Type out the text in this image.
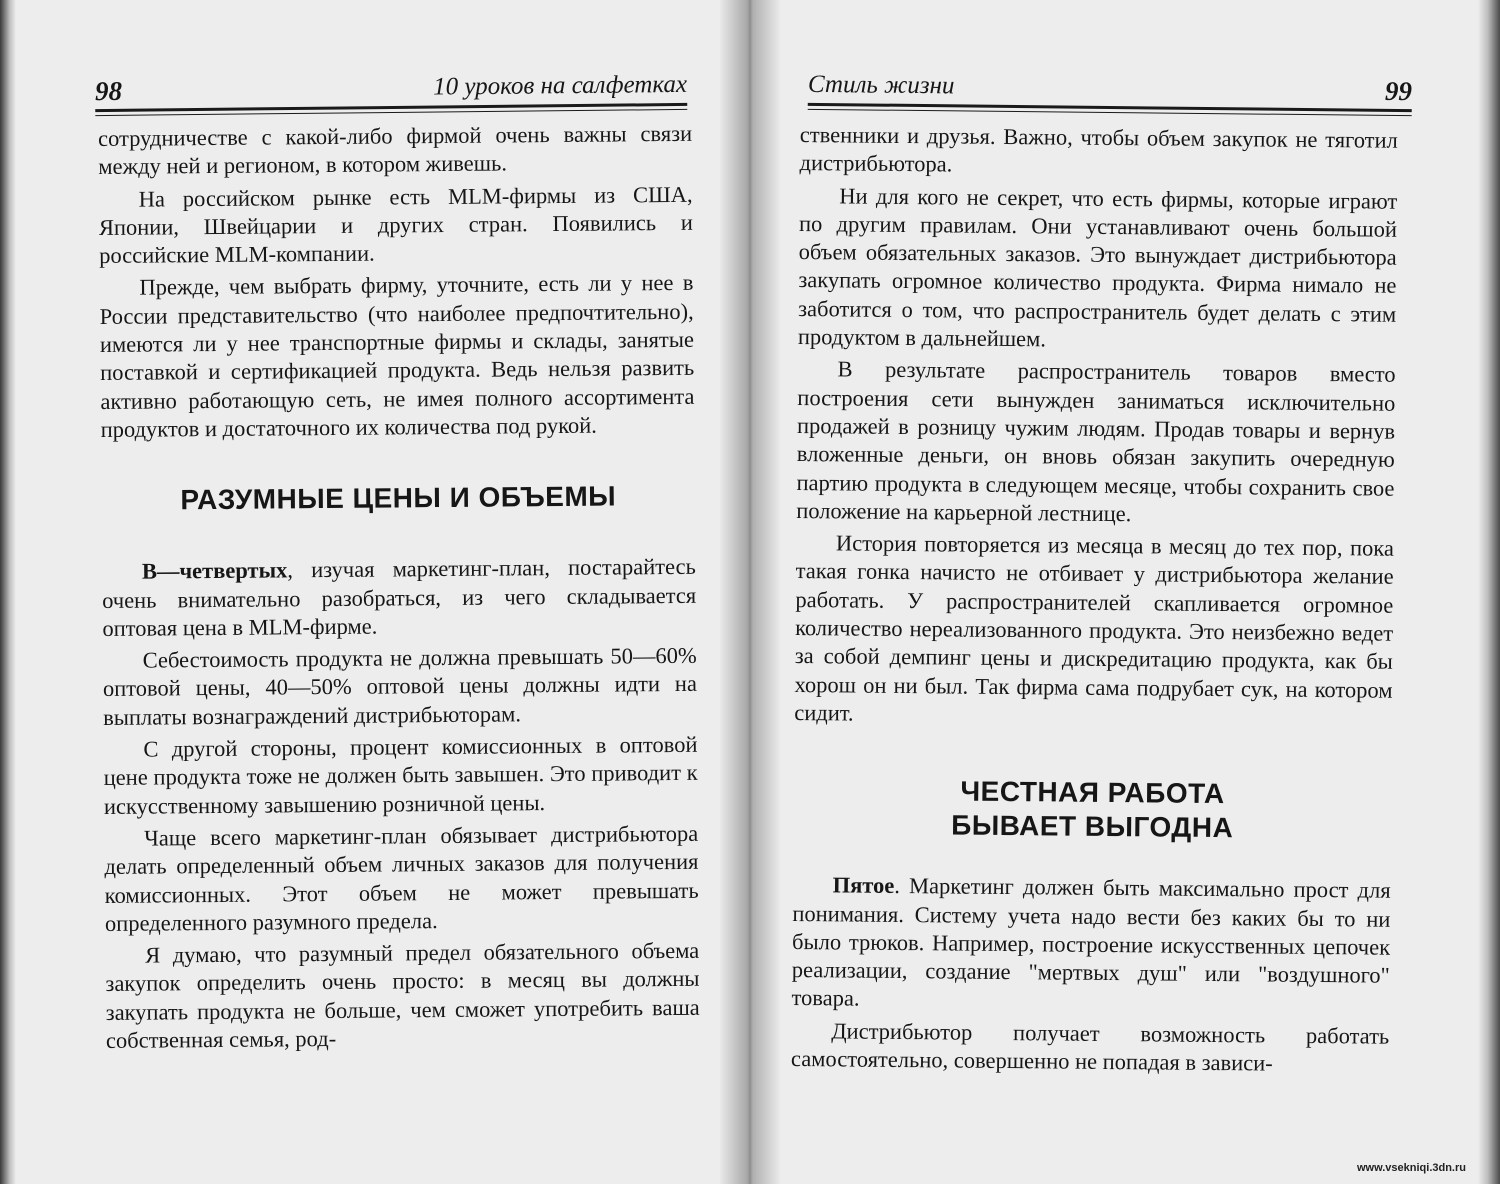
98	10 уроков на салфетках

сотрудничестве с какой-либо фирмой очень важны связи между ней и регионом, в котором живешь.

На российском рынке есть MLM-фирмы из США, Японии, Швейцарии и других стран. Появились и российские MLM-компании.

Прежде, чем выбрать фирму, уточните, есть ли у нее в России представительство (что наиболее предпочтительно), имеются ли у нее транспортные фирмы и склады, занятые поставкой и сертификацией продукта. Ведь нельзя развить активно работающую сеть, не имея полного ассортимента продуктов и достаточного их количества под рукой.

РАЗУМНЫЕ ЦЕНЫ И ОБЪЕМЫ

В—четвертых, изучая маркетинг-план, постарайтесь очень внимательно разобраться, из чего складывается оптовая цена в MLM-фирме.

Себестоимость продукта не должна превышать 50—60% оптовой цены, 40—50% оптовой цены должны идти на выплаты вознаграждений дистрибьюторам.

С другой стороны, процент комиссионных в оптовой цене продукта тоже не должен быть завышен. Это приводит к искусственному завышению розничной цены.

Чаще всего маркетинг-план обязывает дистрибьютора делать определенный объем личных заказов для получения комиссионных. Этот объем не может превышать определенного разумного предела.

Я думаю, что разумный предел обязательного объема закупок определить очень просто: в месяц вы должны закупать продукта не больше, чем сможет употребить ваша собственная семья, род-

Стиль жизни	99

ственники и друзья. Важно, чтобы объем закупок не тяготил дистрибьютора.

Ни для кого не секрет, что есть фирмы, которые играют по другим правилам. Они устанавливают очень большой объем обязательных заказов. Это вынуждает дистрибьютора закупать огромное количество продукта. Фирма нимало не заботится о том, что распространитель будет делать с этим продуктом в дальнейшем.

В результате распространитель товаров вместо построения сети вынужден заниматься исключительно продажей в розницу чужим людям. Продав товары и вернув вложенные деньги, он вновь обязан закупить очередную партию продукта в следующем месяце, чтобы сохранить свое положение на карьерной лестнице.

История повторяется из месяца в месяц до тех пор, пока такая гонка начисто не отбивает у дистрибьютора желание работать. У распространителей скапливается огромное количество нереализованного продукта. Это неизбежно ведет за собой демпинг цены и дискредитацию продукта, как бы хорош он ни был. Так фирма сама подрубает сук, на котором сидит.

ЧЕСТНАЯ РАБОТА
БЫВАЕТ ВЫГОДНА

Пятое. Маркетинг должен быть максимально прост для понимания. Систему учета надо вести без каких бы то ни было трюков. Например, построение искусственных цепочек реализации, создание "мертвых душ" или "воздушного" товара.

Дистрибьютор получает возможность работать самостоятельно, совершенно не попадая в зависи-

www.vsekniqi.3dn.ru
